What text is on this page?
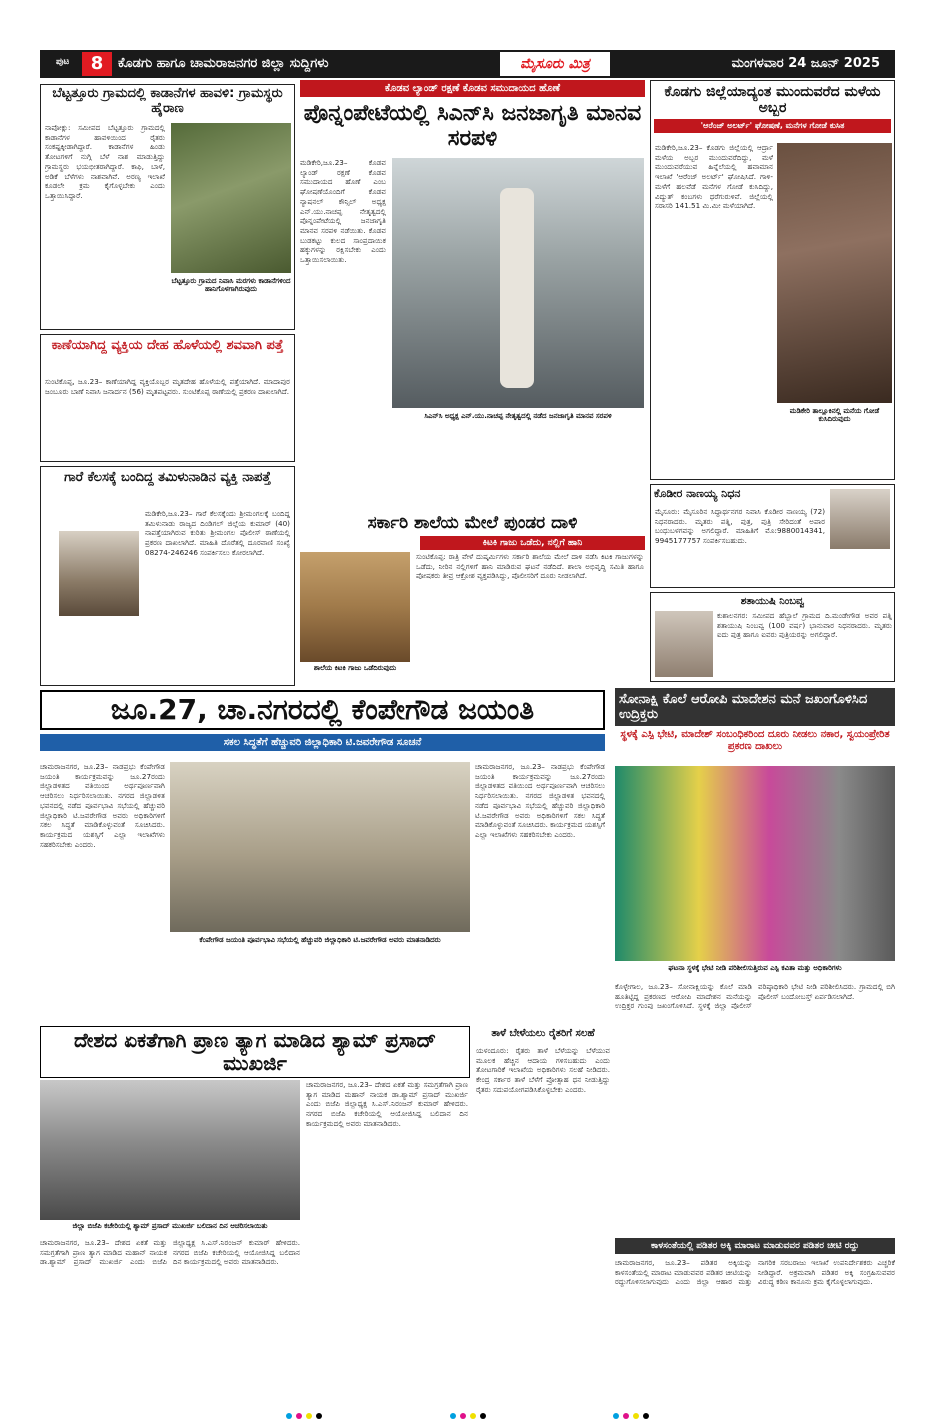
ಪುಟ	8	ಕೊಡಗು ಹಾಗೂ ಚಾಮರಾಜನಗರ ಜಿಲ್ಲಾ ಸುದ್ದಿಗಳು	ಮೈಸೂರು ಮಿತ್ರ	ಮಂಗಳವಾರ 24 ಜೂನ್ 2025
ಬೆಟ್ಟತ್ತೂರು ಗ್ರಾಮದಲ್ಲಿ ಕಾಡಾನೆಗಳ ಹಾವಳಿ: ಗ್ರಾಮಸ್ಥರು ಹೈರಾಣ
ನಾಪೋಕ್ಲು: ಸಮೀಪದ ಬೆಟ್ಟತ್ತೂರು ಗ್ರಾಮದಲ್ಲಿ ಕಾಡಾನೆಗಳ ಹಾವಳಿಯಿಂದ ರೈತರು ಸಂಕಷ್ಟಕ್ಕೀಡಾಗಿದ್ದಾರೆ. ಕಾಡಾನೆಗಳ ಹಿಂಡು ತೋಟಗಳಿಗೆ ನುಗ್ಗಿ ಬೆಳೆ ನಾಶ ಮಾಡುತ್ತಿದ್ದು ಗ್ರಾಮಸ್ಥರು ಭಯಭೀತರಾಗಿದ್ದಾರೆ. ಕಾಫಿ, ಬಾಳೆ, ಅಡಿಕೆ ಬೆಳೆಗಳು ನಾಶವಾಗಿವೆ. ಅರಣ್ಯ ಇಲಾಖೆ ಕೂಡಲೇ ಕ್ರಮ ಕೈಗೊಳ್ಳಬೇಕು ಎಂದು ಒತ್ತಾಯಿಸಿದ್ದಾರೆ.
ಬೆಟ್ಟತ್ತೂರು ಗ್ರಾಮದ ನಿವಾಸಿ ಮರಗಳು ಕಾಡಾನೆಗಳಿಂದ ಹಾನಿಗೊಳಗಾಗಿರುವುದು
ಕಾಣೆಯಾಗಿದ್ದ ವ್ಯಕ್ತಿಯ ದೇಹ ಹೊಳೆಯಲ್ಲಿ ಶವವಾಗಿ ಪತ್ತೆ
ಸುಂಟಿಕೊಪ್ಪ, ಜೂ.23– ಕಾಣೆಯಾಗಿದ್ದ ವ್ಯಕ್ತಿಯೊಬ್ಬರ ಮೃತದೇಹ ಹೊಳೆಯಲ್ಲಿ ಪತ್ತೆಯಾಗಿದೆ. ಮಾದಾಪುರ ಜಂಬೂರು ಬಾಣೆ ನಿವಾಸಿ ಜನಾರ್ದನ (56) ಮೃತಪಟ್ಟವರು. ಸುಂಟಿಕೊಪ್ಪ ಠಾಣೆಯಲ್ಲಿ ಪ್ರಕರಣ ದಾಖಲಾಗಿದೆ.
ಗಾರೆ ಕೆಲಸಕ್ಕೆ ಬಂದಿದ್ದ ತಮಿಳುನಾಡಿನ ವ್ಯಕ್ತಿ ನಾಪತ್ತೆ
ಮಡಿಕೇರಿ,ಜೂ.23– ಗಾರೆ ಕೆಲಸಕ್ಕೆಂದು ಶ್ರೀಮಂಗಲಕ್ಕೆ ಬಂದಿದ್ದ ತಮಿಳುನಾಡು ರಾಜ್ಯದ ದಿಂಡಿಗಲ್ ಜಿಲ್ಲೆಯ ಕುಮಾರ್ (40) ನಾಪತ್ತೆಯಾಗಿರುವ ಕುರಿತು ಶ್ರೀಮಂಗಲ ಪೊಲೀಸ್ ಠಾಣೆಯಲ್ಲಿ ಪ್ರಕರಣ ದಾಖಲಾಗಿದೆ. ಮಾಹಿತಿ ದೊರೆತಲ್ಲಿ ದೂರವಾಣಿ ಸಂಖ್ಯೆ 08274-246246 ಸಂಪರ್ಕಿಸಲು ಕೋರಲಾಗಿದೆ.
ಕೊಡವ ಲ್ಯಾಂಡ್ ರಕ್ಷಣೆ ಕೊಡವ ಸಮುದಾಯದ ಹೊಣೆ
ಪೊನ್ನಂಪೇಟೆಯಲ್ಲಿ ಸಿಎನ್‌ಸಿ ಜನಜಾಗೃತಿ ಮಾನವ ಸರಪಳಿ
ಮಡಿಕೇರಿ,ಜೂ.23– ಕೊಡವ ಲ್ಯಾಂಡ್ ರಕ್ಷಣೆ ಕೊಡವ ಸಮುದಾಯದ ಹೊಣೆ ಎಂಬ ಘೋಷಣೆಯೊಂದಿಗೆ ಕೊಡವ ನ್ಯಾಷನಲ್ ಕೌನ್ಸಿಲ್ ಅಧ್ಯಕ್ಷ ಎನ್.ಯು.ನಾಚಪ್ಪ ನೇತೃತ್ವದಲ್ಲಿ ಪೊನ್ನಂಪೇಟೆಯಲ್ಲಿ ಜನಜಾಗೃತಿ ಮಾನವ ಸರಪಳಿ ನಡೆಯಿತು. ಕೊಡವ ಬುಡಕಟ್ಟು ಕುಲದ ಸಾಂಪ್ರದಾಯಿಕ ಹಕ್ಕುಗಳನ್ನು ರಕ್ಷಿಸಬೇಕು ಎಂದು ಒತ್ತಾಯಿಸಲಾಯಿತು.
ಸಿಎನ್‌ಸಿ ಅಧ್ಯಕ್ಷ ಎನ್.ಯು.ನಾಚಪ್ಪ ನೇತೃತ್ವದಲ್ಲಿ ನಡೆದ ಜನಜಾಗೃತಿ ಮಾನವ ಸರಪಳಿ
ಕೊಡಗು ಜಿಲ್ಲೆಯಾದ್ಯಂತ ಮುಂದುವರೆದ ಮಳೆಯ ಅಬ್ಬರ
'ಆರೆಂಜ್ ಅಲರ್ಟ್' ಘೋಷಣೆ, ಮನೆಗಳ ಗೋಡೆ ಕುಸಿತ
ಮಡಿಕೇರಿ,ಜೂ.23– ಕೊಡಗು ಜಿಲ್ಲೆಯಲ್ಲಿ ಆರ್ದ್ರಾ ಮಳೆಯ ಅಬ್ಬರ ಮುಂದುವರೆದಿದ್ದು, ಮಳೆ ಮುಂದುವರೆಯುವ ಹಿನ್ನೆಲೆಯಲ್ಲಿ ಹವಾಮಾನ ಇಲಾಖೆ 'ಆರೆಂಜ್ ಅಲರ್ಟ್' ಘೋಷಿಸಿದೆ. ಗಾಳಿ-ಮಳೆಗೆ ಹಲವೆಡೆ ಮನೆಗಳ ಗೋಡೆ ಕುಸಿದಿದ್ದು, ವಿದ್ಯುತ್ ಕಂಬಗಳು ಧರೆಗುರುಳಿವೆ. ಜಿಲ್ಲೆಯಲ್ಲಿ ಸರಾಸರಿ 141.51 ಮಿ.ಮೀ ಮಳೆಯಾಗಿದೆ.
ಮಡಿಕೇರಿ ತಾಲ್ಲೂಕಿನಲ್ಲಿ ಮನೆಯ ಗೋಡೆ ಕುಸಿದಿರುವುದು
ಕೊಡೀರ ನಾಣಯ್ಯ ನಿಧನ
ಮೈಸೂರು: ಮೈಸೂರಿನ ಸಿದ್ಧಾರ್ಥನಗರ ನಿವಾಸಿ ಕೊಡೀರ ನಾಣಯ್ಯ (72) ನಿಧನರಾದರು. ಮೃತರು ಪತ್ನಿ, ಪುತ್ರ, ಪುತ್ರಿ ಸೇರಿದಂತೆ ಅಪಾರ ಬಂಧುಬಳಗವನ್ನು ಅಗಲಿದ್ದಾರೆ. ಮಾಹಿತಿಗೆ ಮೊ:9880014341, 9945177757 ಸಂಪರ್ಕಿಸಬಹುದು.
ಶತಾಯುಷಿ ನಿಂಬವ್ವ
ಕುಶಾಲನಗರ: ಸಮೀಪದ ಹೆಬ್ಬಾಲೆ ಗ್ರಾಮದ ದಿ.ಮಂಡೇಗೌಡ ಅವರ ಪತ್ನಿ ಶತಾಯುಷಿ ನಿಂಬವ್ವ (100 ವರ್ಷ) ಭಾನುವಾರ ನಿಧನರಾದರು. ಮೃತರು ಐದು ಪುತ್ರ ಹಾಗೂ ಐವರು ಪುತ್ರಿಯರನ್ನು ಅಗಲಿದ್ದಾರೆ.
ಸರ್ಕಾರಿ ಶಾಲೆಯ ಮೇಲೆ ಪುಂಡರ ದಾಳಿ
ಕಿಟಕಿ ಗಾಜು ಒಡೆದು, ನಲ್ಲಿಗೆ ಹಾನಿ
ಶಾಲೆಯ ಕಿಟಕಿ ಗಾಜು ಒಡೆದಿರುವುದು
ಸುಂಟಿಕೊಪ್ಪ: ರಾತ್ರಿ ವೇಳೆ ದುಷ್ಕರ್ಮಿಗಳು ಸರ್ಕಾರಿ ಶಾಲೆಯ ಮೇಲೆ ದಾಳಿ ನಡೆಸಿ ಕಿಟಕಿ ಗಾಜುಗಳನ್ನು ಒಡೆದು, ನೀರಿನ ನಲ್ಲಿಗಳಿಗೆ ಹಾನಿ ಮಾಡಿರುವ ಘಟನೆ ನಡೆದಿದೆ. ಶಾಲಾ ಅಭಿವೃದ್ಧಿ ಸಮಿತಿ ಹಾಗೂ ಪೋಷಕರು ತೀವ್ರ ಆಕ್ರೋಶ ವ್ಯಕ್ತಪಡಿಸಿದ್ದು, ಪೊಲೀಸರಿಗೆ ದೂರು ನೀಡಲಾಗಿದೆ.
ಜೂ.27, ಚಾ.ನಗರದಲ್ಲಿ ಕೆಂಪೇಗೌಡ ಜಯಂತಿ
ಸಕಲ ಸಿದ್ಧತೆಗೆ ಹೆಚ್ಚುವರಿ ಜಿಲ್ಲಾಧಿಕಾರಿ ಟಿ.ಜವರೇಗೌಡ ಸೂಚನೆ
ಚಾಮರಾಜನಗರ, ಜೂ.23– ನಾಡಪ್ರಭು ಕೆಂಪೇಗೌಡ ಜಯಂತಿ ಕಾರ್ಯಕ್ರಮವನ್ನು ಜೂ.27ರಂದು ಜಿಲ್ಲಾಡಳಿತದ ವತಿಯಿಂದ ಅರ್ಥಪೂರ್ಣವಾಗಿ ಆಚರಿಸಲು ನಿರ್ಧರಿಸಲಾಯಿತು. ನಗರದ ಜಿಲ್ಲಾಡಳಿತ ಭವನದಲ್ಲಿ ನಡೆದ ಪೂರ್ವಭಾವಿ ಸಭೆಯಲ್ಲಿ ಹೆಚ್ಚುವರಿ ಜಿಲ್ಲಾಧಿಕಾರಿ ಟಿ.ಜವರೇಗೌಡ ಅವರು ಅಧಿಕಾರಿಗಳಿಗೆ ಸಕಲ ಸಿದ್ಧತೆ ಮಾಡಿಕೊಳ್ಳುವಂತೆ ಸೂಚಿಸಿದರು. ಕಾರ್ಯಕ್ರಮದ ಯಶಸ್ಸಿಗೆ ಎಲ್ಲಾ ಇಲಾಖೆಗಳು ಸಹಕರಿಸಬೇಕು ಎಂದರು.
ಕೆಂಪೇಗೌಡ ಜಯಂತಿ ಪೂರ್ವಭಾವಿ ಸಭೆಯಲ್ಲಿ ಹೆಚ್ಚುವರಿ ಜಿಲ್ಲಾಧಿಕಾರಿ ಟಿ.ಜವರೇಗೌಡ ಅವರು ಮಾತನಾಡಿದರು
ಚಾಮರಾಜನಗರ, ಜೂ.23– ನಾಡಪ್ರಭು ಕೆಂಪೇಗೌಡ ಜಯಂತಿ ಕಾರ್ಯಕ್ರಮವನ್ನು ಜೂ.27ರಂದು ಜಿಲ್ಲಾಡಳಿತದ ವತಿಯಿಂದ ಅರ್ಥಪೂರ್ಣವಾಗಿ ಆಚರಿಸಲು ನಿರ್ಧರಿಸಲಾಯಿತು. ನಗರದ ಜಿಲ್ಲಾಡಳಿತ ಭವನದಲ್ಲಿ ನಡೆದ ಪೂರ್ವಭಾವಿ ಸಭೆಯಲ್ಲಿ ಹೆಚ್ಚುವರಿ ಜಿಲ್ಲಾಧಿಕಾರಿ ಟಿ.ಜವರೇಗೌಡ ಅವರು ಅಧಿಕಾರಿಗಳಿಗೆ ಸಕಲ ಸಿದ್ಧತೆ ಮಾಡಿಕೊಳ್ಳುವಂತೆ ಸೂಚಿಸಿದರು. ಕಾರ್ಯಕ್ರಮದ ಯಶಸ್ಸಿಗೆ ಎಲ್ಲಾ ಇಲಾಖೆಗಳು ಸಹಕರಿಸಬೇಕು ಎಂದರು.
ಸೋನಾಕ್ಷಿ ಕೊಲೆ ಆರೋಪಿ ಮಾದೇಶನ ಮನೆ ಜಖಂಗೊಳಿಸಿದ ಉದ್ರಿಕ್ತರು
ಸ್ಥಳಕ್ಕೆ ಎಸ್ಪಿ ಭೇಟಿ, ಮಾದೇಶ್ ಸಂಬಂಧಿಕರಿಂದ ದೂರು ನೀಡಲು ನಕಾರ, ಸ್ವಯಂಪ್ರೇರಿತ ಪ್ರಕರಣ ದಾಖಲು
ಘಟನಾ ಸ್ಥಳಕ್ಕೆ ಭೇಟಿ ನೀಡಿ ಪರಿಶೀಲಿಸುತ್ತಿರುವ ಎಸ್ಪಿ ಕವಿತಾ ಮತ್ತು ಅಧಿಕಾರಿಗಳು
ಕೊಳ್ಳೇಗಾಲ, ಜೂ.23– ಸೋನಾಕ್ಷಿಯನ್ನು ಕೊಲೆ ಮಾಡಿ ಹೂತಿಟ್ಟಿದ್ದ ಪ್ರಕರಣದ ಆರೋಪಿ ಮಾದೇಶನ ಮನೆಯನ್ನು ಉದ್ರಿಕ್ತರ ಗುಂಪು ಜಖಂಗೊಳಿಸಿದೆ. ಸ್ಥಳಕ್ಕೆ ಜಿಲ್ಲಾ ಪೊಲೀಸ್ ವರಿಷ್ಠಾಧಿಕಾರಿ ಭೇಟಿ ನೀಡಿ ಪರಿಶೀಲಿಸಿದರು. ಗ್ರಾಮದಲ್ಲಿ ಬಿಗಿ ಪೊಲೀಸ್ ಬಂದೋಬಸ್ತ್ ಏರ್ಪಡಿಸಲಾಗಿದೆ.
ದೇಶದ ಏಕತೆಗಾಗಿ ಪ್ರಾಣ ತ್ಯಾಗ ಮಾಡಿದ ಶ್ಯಾಮ್ ಪ್ರಸಾದ್ ಮುಖರ್ಜಿ
ಜಿಲ್ಲಾ ಬಿಜೆಪಿ ಕಚೇರಿಯಲ್ಲಿ ಶ್ಯಾಮ್ ಪ್ರಸಾದ್ ಮುಖರ್ಜಿ ಬಲಿದಾನ ದಿನ ಆಚರಿಸಲಾಯಿತು
ಚಾಮರಾಜನಗರ, ಜೂ.23– ದೇಶದ ಏಕತೆ ಮತ್ತು ಸಮಗ್ರತೆಗಾಗಿ ಪ್ರಾಣ ತ್ಯಾಗ ಮಾಡಿದ ಮಹಾನ್ ನಾಯಕ ಡಾ.ಶ್ಯಾಮ್ ಪ್ರಸಾದ್ ಮುಖರ್ಜಿ ಎಂದು ಬಿಜೆಪಿ ಜಿಲ್ಲಾಧ್ಯಕ್ಷ ಸಿ.ಎಸ್.ನಿರಂಜನ್ ಕುಮಾರ್ ಹೇಳಿದರು. ನಗರದ ಬಿಜೆಪಿ ಕಚೇರಿಯಲ್ಲಿ ಆಯೋಜಿಸಿದ್ದ ಬಲಿದಾನ ದಿನ ಕಾರ್ಯಕ್ರಮದಲ್ಲಿ ಅವರು ಮಾತನಾಡಿದರು.
ಚಾಮರಾಜನಗರ, ಜೂ.23– ದೇಶದ ಏಕತೆ ಮತ್ತು ಸಮಗ್ರತೆಗಾಗಿ ಪ್ರಾಣ ತ್ಯಾಗ ಮಾಡಿದ ಮಹಾನ್ ನಾಯಕ ಡಾ.ಶ್ಯಾಮ್ ಪ್ರಸಾದ್ ಮುಖರ್ಜಿ ಎಂದು ಬಿಜೆಪಿ ಜಿಲ್ಲಾಧ್ಯಕ್ಷ ಸಿ.ಎಸ್.ನಿರಂಜನ್ ಕುಮಾರ್ ಹೇಳಿದರು. ನಗರದ ಬಿಜೆಪಿ ಕಚೇರಿಯಲ್ಲಿ ಆಯೋಜಿಸಿದ್ದ ಬಲಿದಾನ ದಿನ ಕಾರ್ಯಕ್ರಮದಲ್ಲಿ ಅವರು ಮಾತನಾಡಿದರು.
ತಾಳೆ ಬೇಳೆಯಲು ರೈತರಿಗೆ ಸಲಹೆ
ಯಳಂದೂರು: ರೈತರು ತಾಳೆ ಬೆಳೆಯನ್ನು ಬೆಳೆಯುವ ಮೂಲಕ ಹೆಚ್ಚಿನ ಆದಾಯ ಗಳಿಸಬಹುದು ಎಂದು ತೋಟಗಾರಿಕೆ ಇಲಾಖೆಯ ಅಧಿಕಾರಿಗಳು ಸಲಹೆ ನೀಡಿದರು. ಕೇಂದ್ರ ಸರ್ಕಾರ ತಾಳೆ ಬೆಳೆಗೆ ಪ್ರೋತ್ಸಾಹ ಧನ ನೀಡುತ್ತಿದ್ದು ರೈತರು ಸದುಪಯೋಗಪಡಿಸಿಕೊಳ್ಳಬೇಕು ಎಂದರು.
ಕಾಳಸಂತೆಯಲ್ಲಿ ಪಡಿತರ ಅಕ್ಕಿ ಮಾರಾಟ ಮಾಡುವವರ ಪಡಿತರ ಚೀಟಿ ರದ್ದು
ಚಾಮರಾಜನಗರ, ಜೂ.23– ಪಡಿತರ ಅಕ್ಕಿಯನ್ನು ಕಾಳಸಂತೆಯಲ್ಲಿ ಮಾರಾಟ ಮಾಡುವವರ ಪಡಿತರ ಚೀಟಿಯನ್ನು ರದ್ದುಗೊಳಿಸಲಾಗುವುದು ಎಂದು ಜಿಲ್ಲಾ ಆಹಾರ ಮತ್ತು ನಾಗರಿಕ ಸರಬರಾಜು ಇಲಾಖೆ ಉಪನಿರ್ದೇಶಕರು ಎಚ್ಚರಿಕೆ ನೀಡಿದ್ದಾರೆ. ಅಕ್ರಮವಾಗಿ ಪಡಿತರ ಅಕ್ಕಿ ಸಂಗ್ರಹಿಸುವವರ ವಿರುದ್ಧ ಕಠಿಣ ಕಾನೂನು ಕ್ರಮ ಕೈಗೊಳ್ಳಲಾಗುವುದು.
